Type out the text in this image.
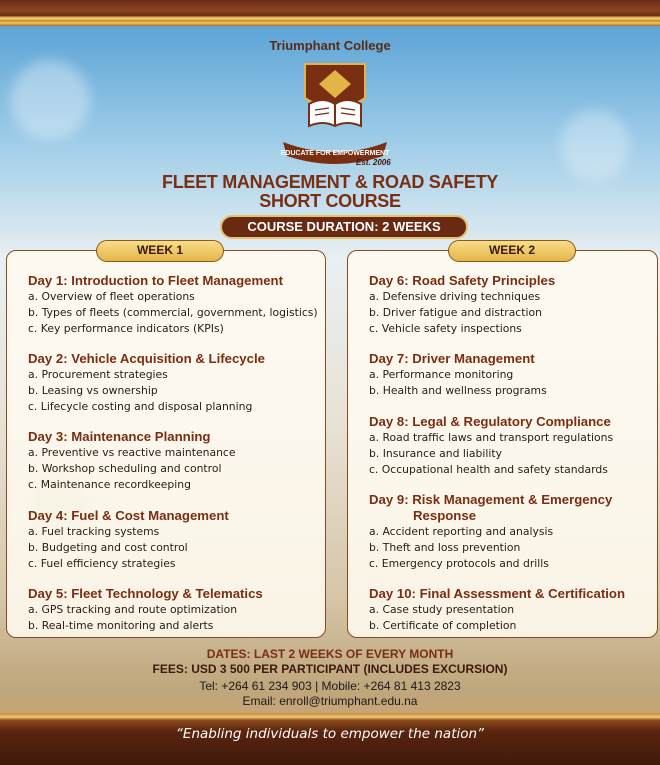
Triumphant College
EDUCATE FOR EMPOWERMENT
Est. 2006
FLEET MANAGEMENT & ROAD SAFETY
SHORT COURSE
COURSE DURATION: 2 WEEKS
WEEK 1
Day 1: Introduction to Fleet Management
a. Overview of fleet operations
b. Types of fleets (commercial, government, logistics)
c. Key performance indicators (KPIs)
Day 2: Vehicle Acquisition & Lifecycle
a. Procurement strategies
b. Leasing vs ownership
c. Lifecycle costing and disposal planning
Day 3: Maintenance Planning
a. Preventive vs reactive maintenance
b. Workshop scheduling and control
c. Maintenance recordkeeping
Day 4: Fuel & Cost Management
a. Fuel tracking systems
b. Budgeting and cost control
c. Fuel efficiency strategies
Day 5: Fleet Technology & Telematics
a. GPS tracking and route optimization
b. Real-time monitoring and alerts
WEEK 2
Day 6: Road Safety Principles
a. Defensive driving techniques
b. Driver fatigue and distraction
c. Vehicle safety inspections
Day 7: Driver Management
a. Performance monitoring
b. Health and wellness programs
Day 8: Legal & Regulatory Compliance
a. Road traffic laws and transport regulations
b. Insurance and liability
c. Occupational health and safety standards
Day 9: Risk Management & Emergency
Response
a. Accident reporting and analysis
b. Theft and loss prevention
c. Emergency protocols and drills
Day 10: Final Assessment & Certification
a. Case study presentation
b. Certificate of completion
DATES: LAST 2 WEEKS OF EVERY MONTH
FEES: USD 3 500 PER PARTICIPANT (INCLUDES EXCURSION)
Tel: +264 61 234 903 | Mobile: +264 81 413 2823
Email: enroll@triumphant.edu.na
“Enabling individuals to empower the nation”
